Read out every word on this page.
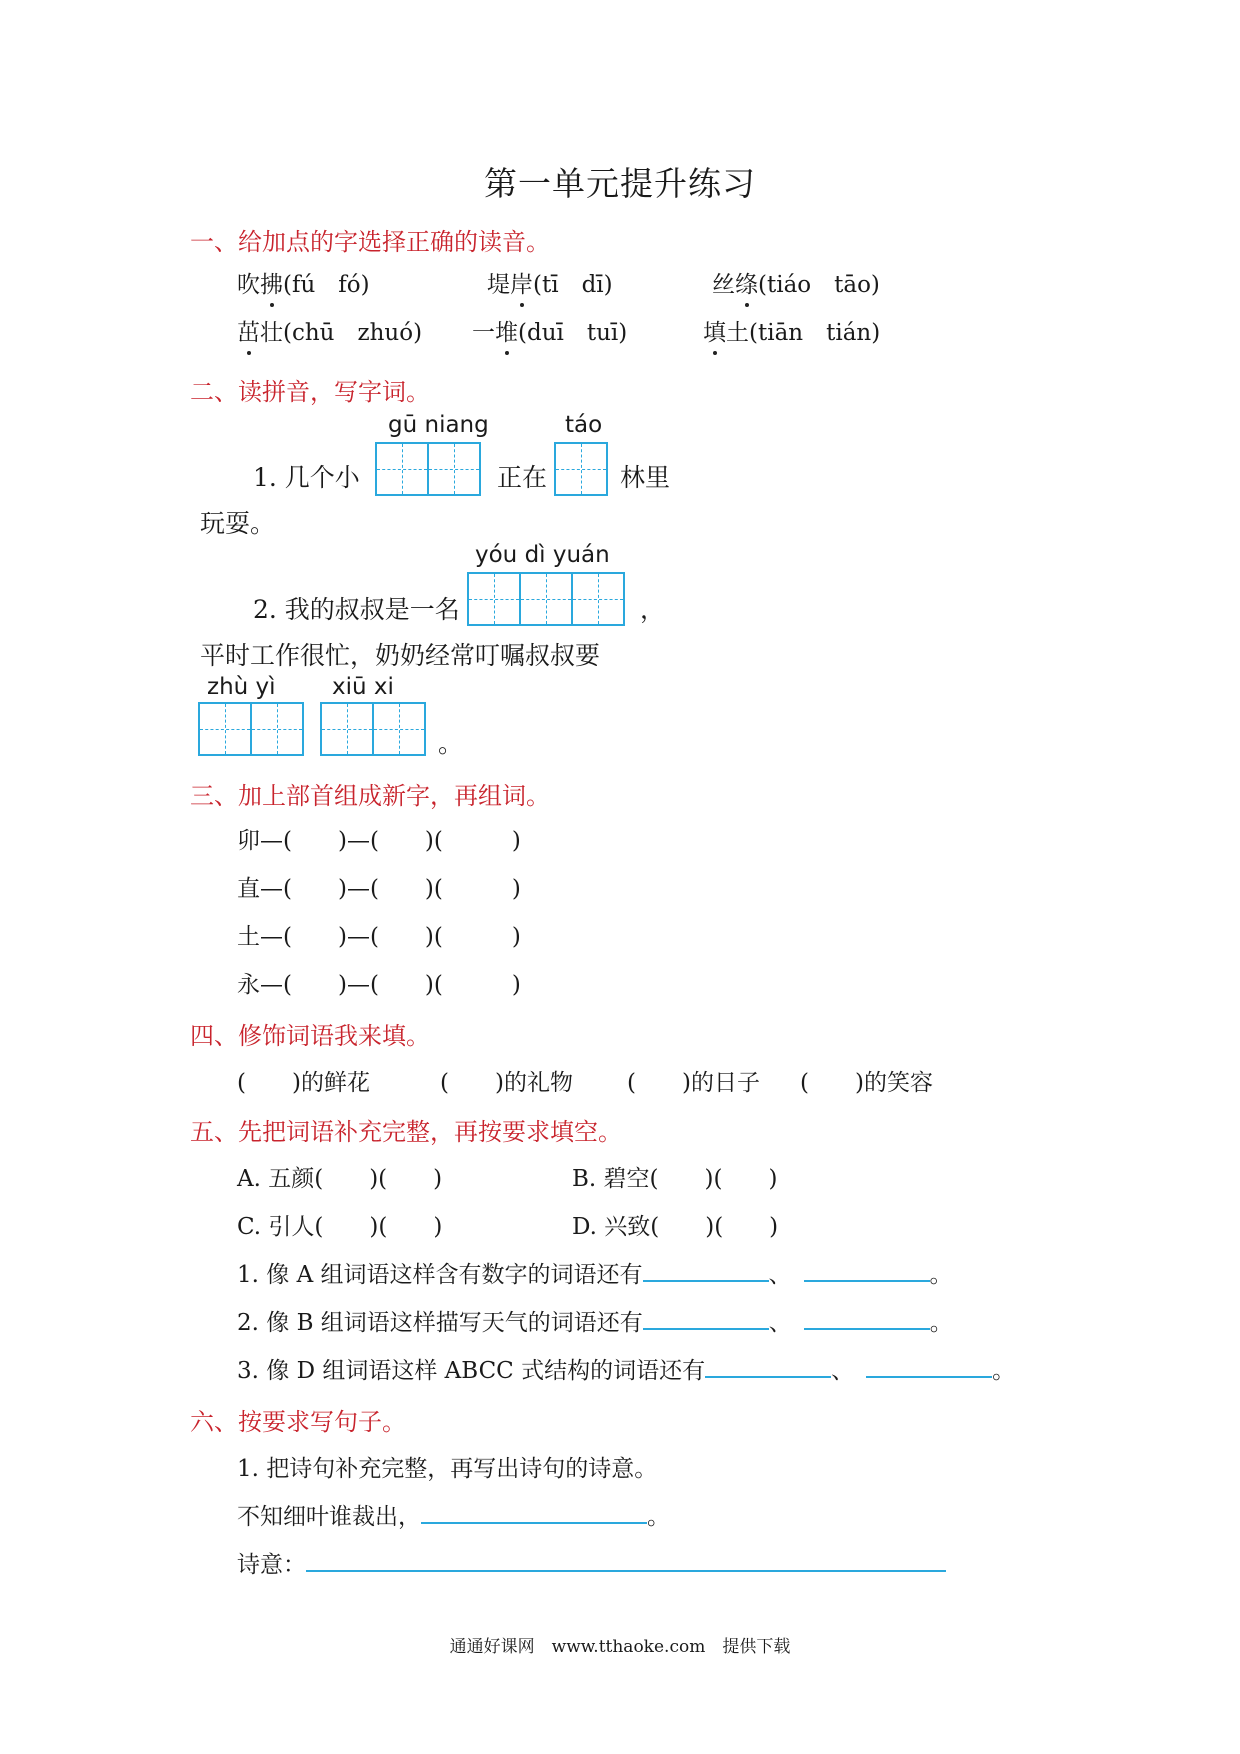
第一单元提升练习
一、给加点的字选择正确的读音。
吹拂(fú　fó)	堤岸(tī　dī)	丝绦(tiáo　tāo)
茁壮(chū　zhuó) 一堆(duī　tuī)	填土(tiān　tián)
二、读拼音，写字词。
gū niang	táo
1. 几个小	正在	林里
玩耍。
yóu dì yuán
2. 我的叔叔是一名	，
平时工作很忙，奶奶经常叮嘱叔叔要
zhù yì xiū xi
。
三、加上部首组成新字，再组词。
卯—(　　)—(　　)(　　　)
直—(　　)—(　　)(　　　)
土—(　　)—(　　)(　　　)
永—(　　)—(　　)(　　　)
四、修饰词语我来填。
(　　)的鲜花	(　　)的礼物 (　　)的日子 (　　)的笑容
五、先把词语补充完整，再按要求填空。
A. 五颜(　　)(　　)	B. 碧空(　　)(　　)
C. 引人(　　)(　　)	D. 兴致(　　)(　　)
1. 像 A 组词语这样含有数字的词语还有	、	。
2. 像 B 组词语这样描写天气的词语还有	、	。
3. 像 D 组词语这样 ABCC 式结构的词语还有	、	。
六、按要求写句子。
1. 把诗句补充完整，再写出诗句的诗意。
不知细叶谁裁出，	。
诗意：
通通好课网　www.tthaoke.com　提供下载
